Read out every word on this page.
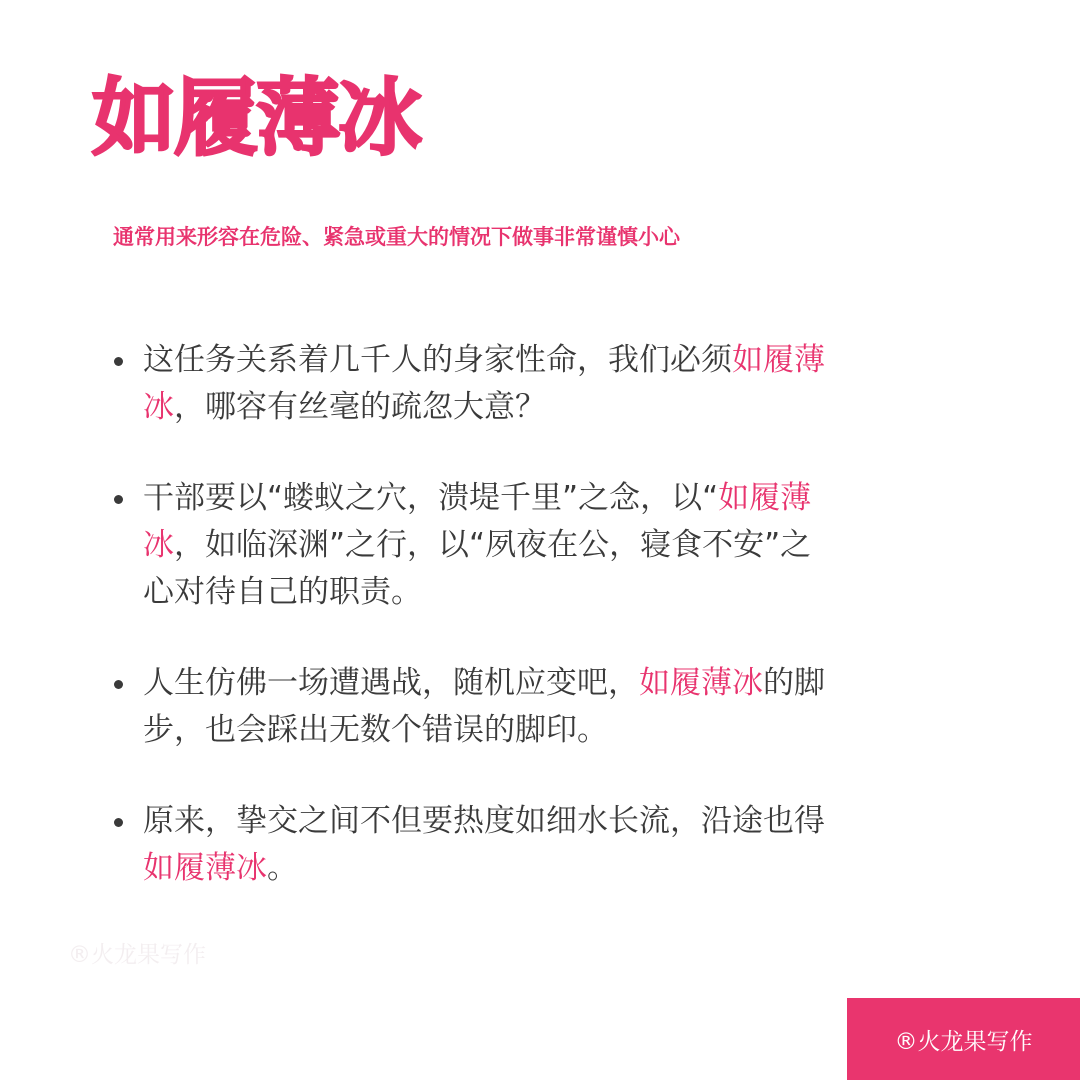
如履薄冰

通常用来形容在危险、紧急或重大的情况下做事非常谨慎小心

这任务关系着几千人的身家性命，我们必须如履薄冰，哪容有丝毫的疏忽大意？
干部要以“蝼蚁之穴，溃堤千里”之念，以“如履薄冰，如临深渊”之行，以“夙夜在公，寝食不安”之心对待自己的职责。
人生仿佛一场遭遇战，随机应变吧，如履薄冰的脚步，也会踩出无数个错误的脚印。
原来，挚交之间不但要热度如细水长流，沿途也得如履薄冰。
®火龙果写作
®火龙果写作
